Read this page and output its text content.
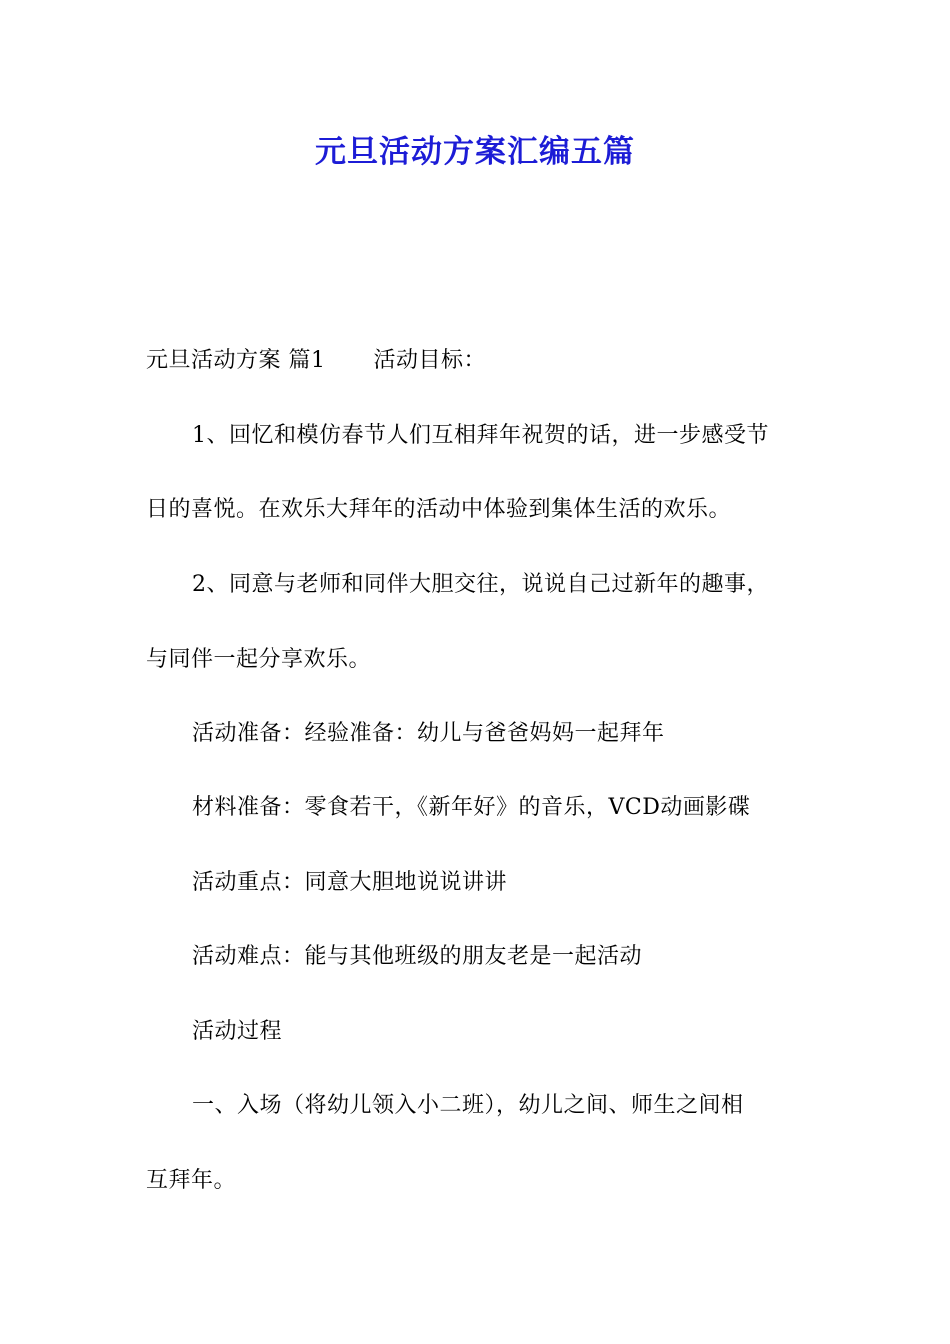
元旦活动方案汇编五篇
元旦活动方案 篇1 活动目标：
1、回忆和模仿春节人们互相拜年祝贺的话，进一步感受节
日的喜悦。在欢乐大拜年的活动中体验到集体生活的欢乐。
2、同意与老师和同伴大胆交往，说说自己过新年的趣事，
与同伴一起分享欢乐。
活动准备：经验准备：幼儿与爸爸妈妈一起拜年
材料准备：零食若干，《新年好》的音乐，VCD动画影碟
活动重点：同意大胆地说说讲讲
活动难点：能与其他班级的朋友老是一起活动
活动过程
一、入场（将幼儿领入小二班），幼儿之间、师生之间相
互拜年。
